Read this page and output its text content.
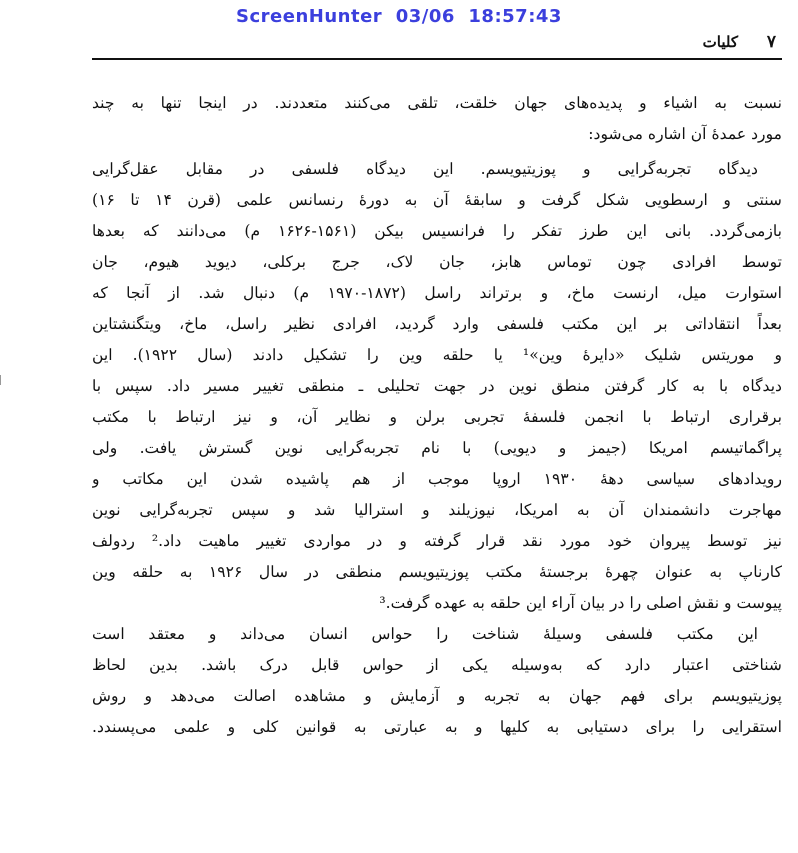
ScreenHunter  03/06  18:57:43
۷
کلیات
نسبت به اشیاء و پدیده‌های جهان خلقت، تلقی می‌کنند متعددند. در اینجا تنها به چند
مورد عمدهٔ آن اشاره می‌شود:
دیدگاه تجربه‌گرایی و پوزیتیویسم. این دیدگاه فلسفی در مقابل عقل‌گرایی
سنتی و ارسطویی شکل گرفت و سابقهٔ آن به دورهٔ رنسانس علمی (قرن ۱۴ تا ۱۶)
بازمی‌گردد. بانی این طرز تفکر را فرانسیس بیکن (۱۵۶۱-۱۶۲۶ م) می‌دانند که بعدها
توسط افرادی چون توماس هابز، جان لاک، جرج برکلی، دیوید هیوم، جان
استوارت میل، ارنست ماخ، و برتراند راسل (۱۸۷۲-۱۹۷۰ م) دنبال شد. از آنجا که
بعداً انتقاداتی بر این مکتب فلسفی وارد گردید، افرادی نظیر راسل، ماخ، ویتگنشتاین
و موریتس شلیک «دایرهٔ وین»¹ یا حلقه وین را تشکیل دادند (سال ۱۹۲۲). این
دیدگاه با به کار گرفتن منطق نوین در جهت تحلیلی ـ منطقی تغییر مسیر داد. سپس با
برقراری ارتباط با انجمن فلسفهٔ تجربی برلن و نظایر آن، و نیز ارتباط با مکتب
پراگماتیسم امریکا (جیمز و دیویی) با نام تجربه‌گرایی نوین گسترش یافت. ولی
رویدادهای سیاسی دههٔ ۱۹۳۰ اروپا موجب از هم پاشیده شدن این مکاتب و
مهاجرت دانشمندان آن به امریکا، نیوزیلند و استرالیا شد و سپس تجربه‌گرایی نوین
نیز توسط پیروان خود مورد نقد قرار گرفته و در مواردی تغییر ماهیت داد.² ردولف
کارناپ به عنوان چهرهٔ برجستهٔ مکتب پوزیتیویسم منطقی در سال ۱۹۲۶ به حلقه وین
پیوست و نقش اصلی را در بیان آراء این حلقه به عهده گرفت.³
این مکتب فلسفی وسیلهٔ شناخت را حواس انسان می‌داند و معتقد است
شناختی اعتبار دارد که به‌وسیله یکی از حواس قابل درک باشد. بدین لحاظ
پوزیتیویسم برای فهم جهان به تجربه و آزمایش و مشاهده اصالت می‌دهد و روش
استقرایی را برای دستیابی به کلیها و به عبارتی به قوانین کلی و علمی می‌پسندد.
